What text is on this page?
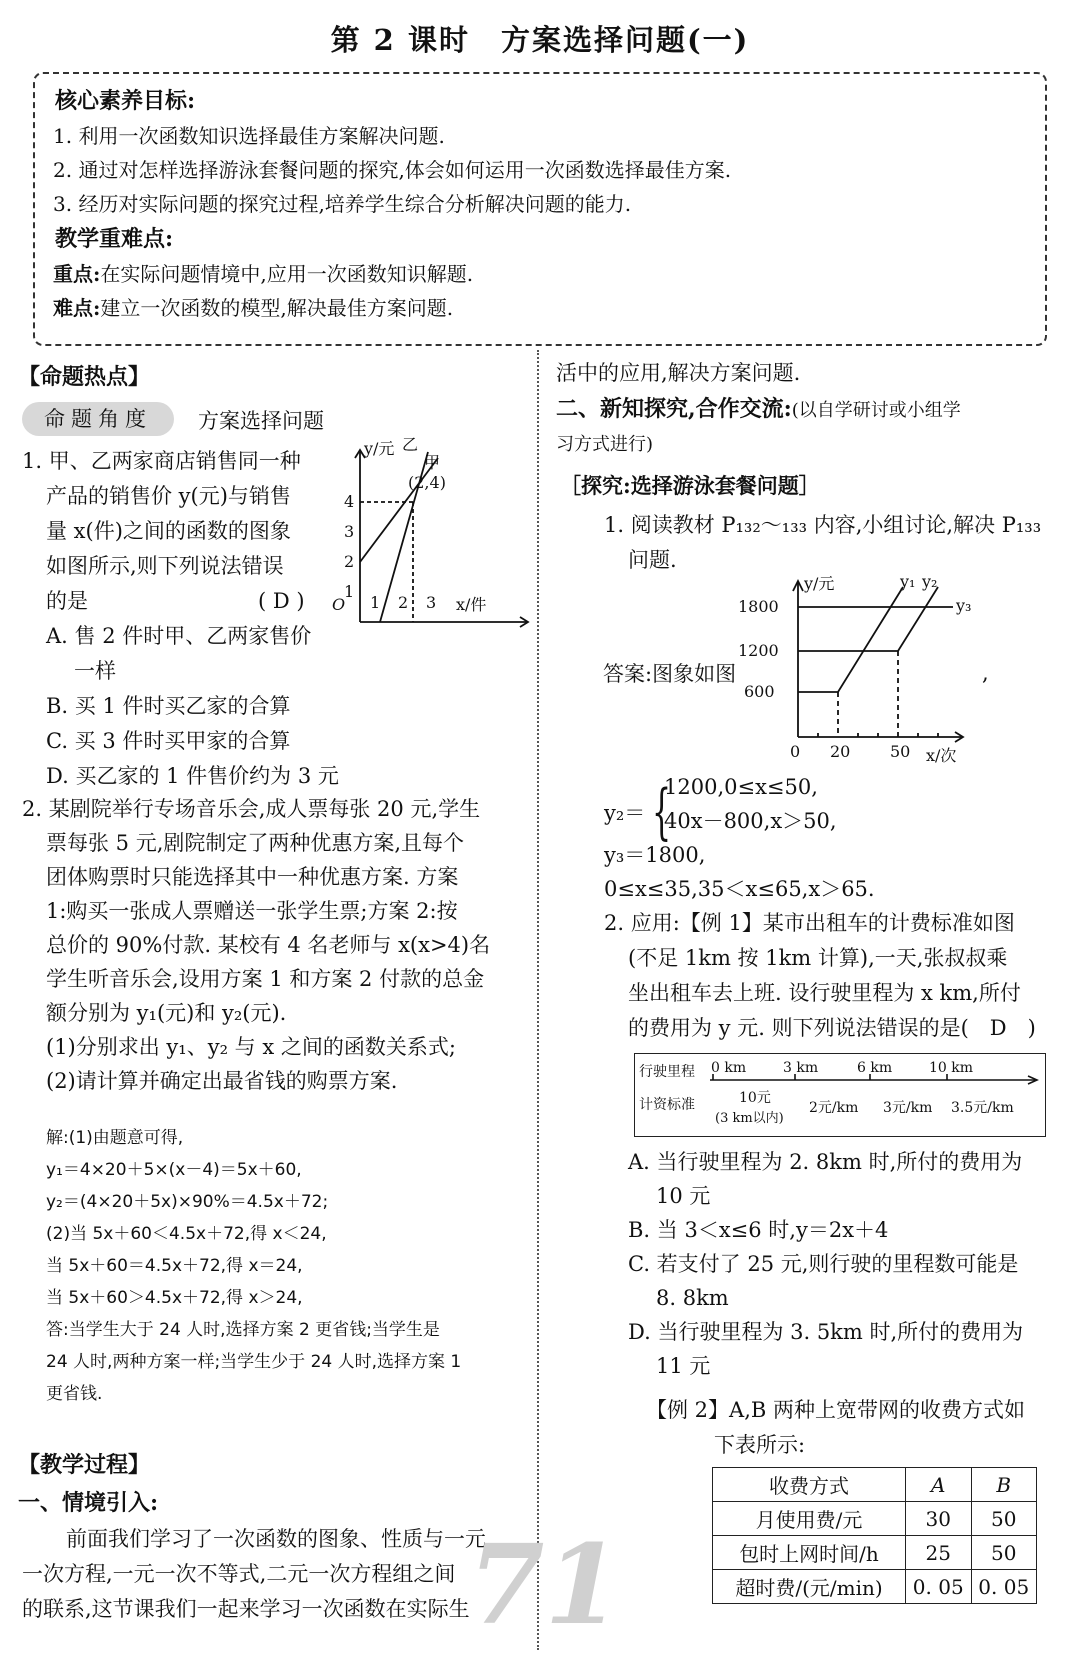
第 2 课时　方案选择问题(一)
核心素养目标:
1. 利用一次函数知识选择最佳方案解决问题.
2. 通过对怎样选择游泳套餐问题的探究,体会如何运用一次函数选择最佳方案.
3. 经历对实际问题的探究过程,培养学生综合分析解决问题的能力.
教学重难点:
重点:在实际问题情境中,应用一次函数知识解题.
难点:建立一次函数的模型,解决最佳方案问题.
【命题热点】
命题角度	方案选择问题
1. 甲、乙两家商店销售同一种
产品的销售价 y(元)与销售
量 x(件)之间的函数的图象
如图所示,则下列说法错误
的是	( D )
A. 售 2 件时甲、乙两家售价
一样
B. 买 1 件时买乙家的合算
C. 买 3 件时买甲家的合算
D. 买乙家的 1 件售价约为 3 元
y/元
x/件
O
1
2
3
4
1 2 3
(2,4)
乙
甲
2. 某剧院举行专场音乐会,成人票每张 20 元,学生
票每张 5 元,剧院制定了两种优惠方案,且每个
团体购票时只能选择其中一种优惠方案. 方案
1:购买一张成人票赠送一张学生票;方案 2:按
总价的 90%付款. 某校有 4 名老师与 x(x>4)名
学生听音乐会,设用方案 1 和方案 2 付款的总金
额分别为 y₁(元)和 y₂(元).
(1)分别求出 y₁、y₂ 与 x 之间的函数关系式;
(2)请计算并确定出最省钱的购票方案.
解:(1)由题意可得,
y₁＝4×20＋5×(x－4)＝5x＋60,
y₂＝(4×20＋5x)×90%＝4.5x＋72;
(2)当 5x＋60＜4.5x＋72,得 x＜24,
当 5x＋60＝4.5x＋72,得 x＝24,
当 5x＋60＞4.5x＋72,得 x＞24,
答:当学生大于 24 人时,选择方案 2 更省钱;当学生是
24 人时,两种方案一样;当学生少于 24 人时,选择方案 1
更省钱.
【教学过程】
一、情境引入:
前面我们学习了一次函数的图象、性质与一元
一次方程,一元一次不等式,二元一次方程组之间
的联系,这节课我们一起来学习一次函数在实际生
71
活中的应用,解决方案问题.
二、新知探究,合作交流:(以自学研讨或小组学
习方式进行)
［探究:选择游泳套餐问题］
1. 阅读教材 P₁₃₂～₁₃₃ 内容,小组讨论,解决 P₁₃₃
问题.
答案:图象如图	,
y/元
x/次
600
1200
1800
0 20 50
y₁ y₂
y₃
y₂＝ {
1200,0≤x≤50,
40x－800,x＞50,
y₃＝1800,
0≤x≤35,35＜x≤65,x＞65.
2. 应用:【例 1】某市出租车的计费标准如图
(不足 1km 按 1km 计算),一天,张叔叔乘
坐出租车去上班. 设行驶里程为 x km,所付
的费用为 y 元. 则下列说法错误的是(　D　)
行驶里程
计资标准
0 km	3 km	6 km	10 km
10元
(3 km以内)
2元/km 3元/km 3.5元/km
A. 当行驶里程为 2. 8km 时,所付的费用为
10 元
B. 当 3＜x≤6 时,y＝2x＋4
C. 若支付了 25 元,则行驶的里程数可能是
8. 8km
D. 当行驶里程为 3. 5km 时,所付的费用为
11 元
【例 2】A,B 两种上宽带网的收费方式如
下表所示:
收费方式	A	B
月使用费/元	30	50
包时上网时间/h	25	50
超时费/(元/min)	0. 05	0. 05
